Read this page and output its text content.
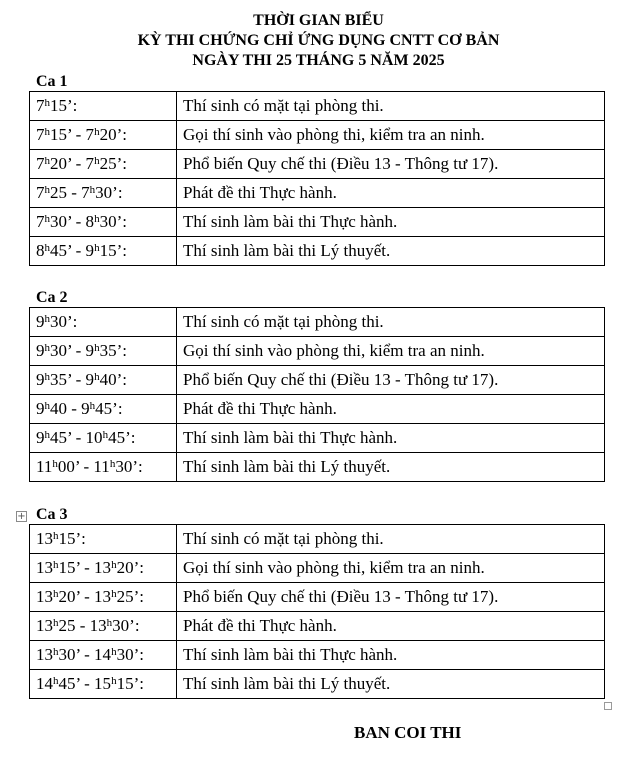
THỜI GIAN BIỂU
KỲ THI CHỨNG CHỈ ỨNG DỤNG CNTT CƠ BẢN
NGÀY THI 25 THÁNG 5 NĂM 2025
Ca 1
7$^h$15’:	Thí sinh có mặt tại phòng thi.
7$^h$15’ - 7$^h$20’:	Gọi thí sinh vào phòng thi, kiểm tra an ninh.
7$^h$20’ - 7$^h$25’:	Phổ biến Quy chế thi (Điều 13 - Thông tư 17).
7$^h$25 - 7$^h$30’:	Phát đề thi Thực hành.
7$^h$30’ - 8$^h$30’:	Thí sinh làm bài thi Thực hành.
8$^h$45’ - 9$^h$15’:	Thí sinh làm bài thi Lý thuyết.
Ca 2
9$^h$30’:	Thí sinh có mặt tại phòng thi.
9$^h$30’ - 9$^h$35’:	Gọi thí sinh vào phòng thi, kiểm tra an ninh.
9$^h$35’ - 9$^h$40’:	Phổ biến Quy chế thi (Điều 13 - Thông tư 17).
9$^h$40 - 9$^h$45’:	Phát đề thi Thực hành.
9$^h$45’ - 10$^h$45’:	Thí sinh làm bài thi Thực hành.
11$^h$00’ - 11$^h$30’:	Thí sinh làm bài thi Lý thuyết.
+ Ca 3
13$^h$15’:	Thí sinh có mặt tại phòng thi.
13$^h$15’ - 13$^h$20’:	Gọi thí sinh vào phòng thi, kiểm tra an ninh.
13$^h$20’ - 13$^h$25’:	Phổ biến Quy chế thi (Điều 13 - Thông tư 17).
13$^h$25 - 13$^h$30’:	Phát đề thi Thực hành.
13$^h$30’ - 14$^h$30’:	Thí sinh làm bài thi Thực hành.
14$^h$45’ - 15$^h$15’:	Thí sinh làm bài thi Lý thuyết.
BAN COI THI
